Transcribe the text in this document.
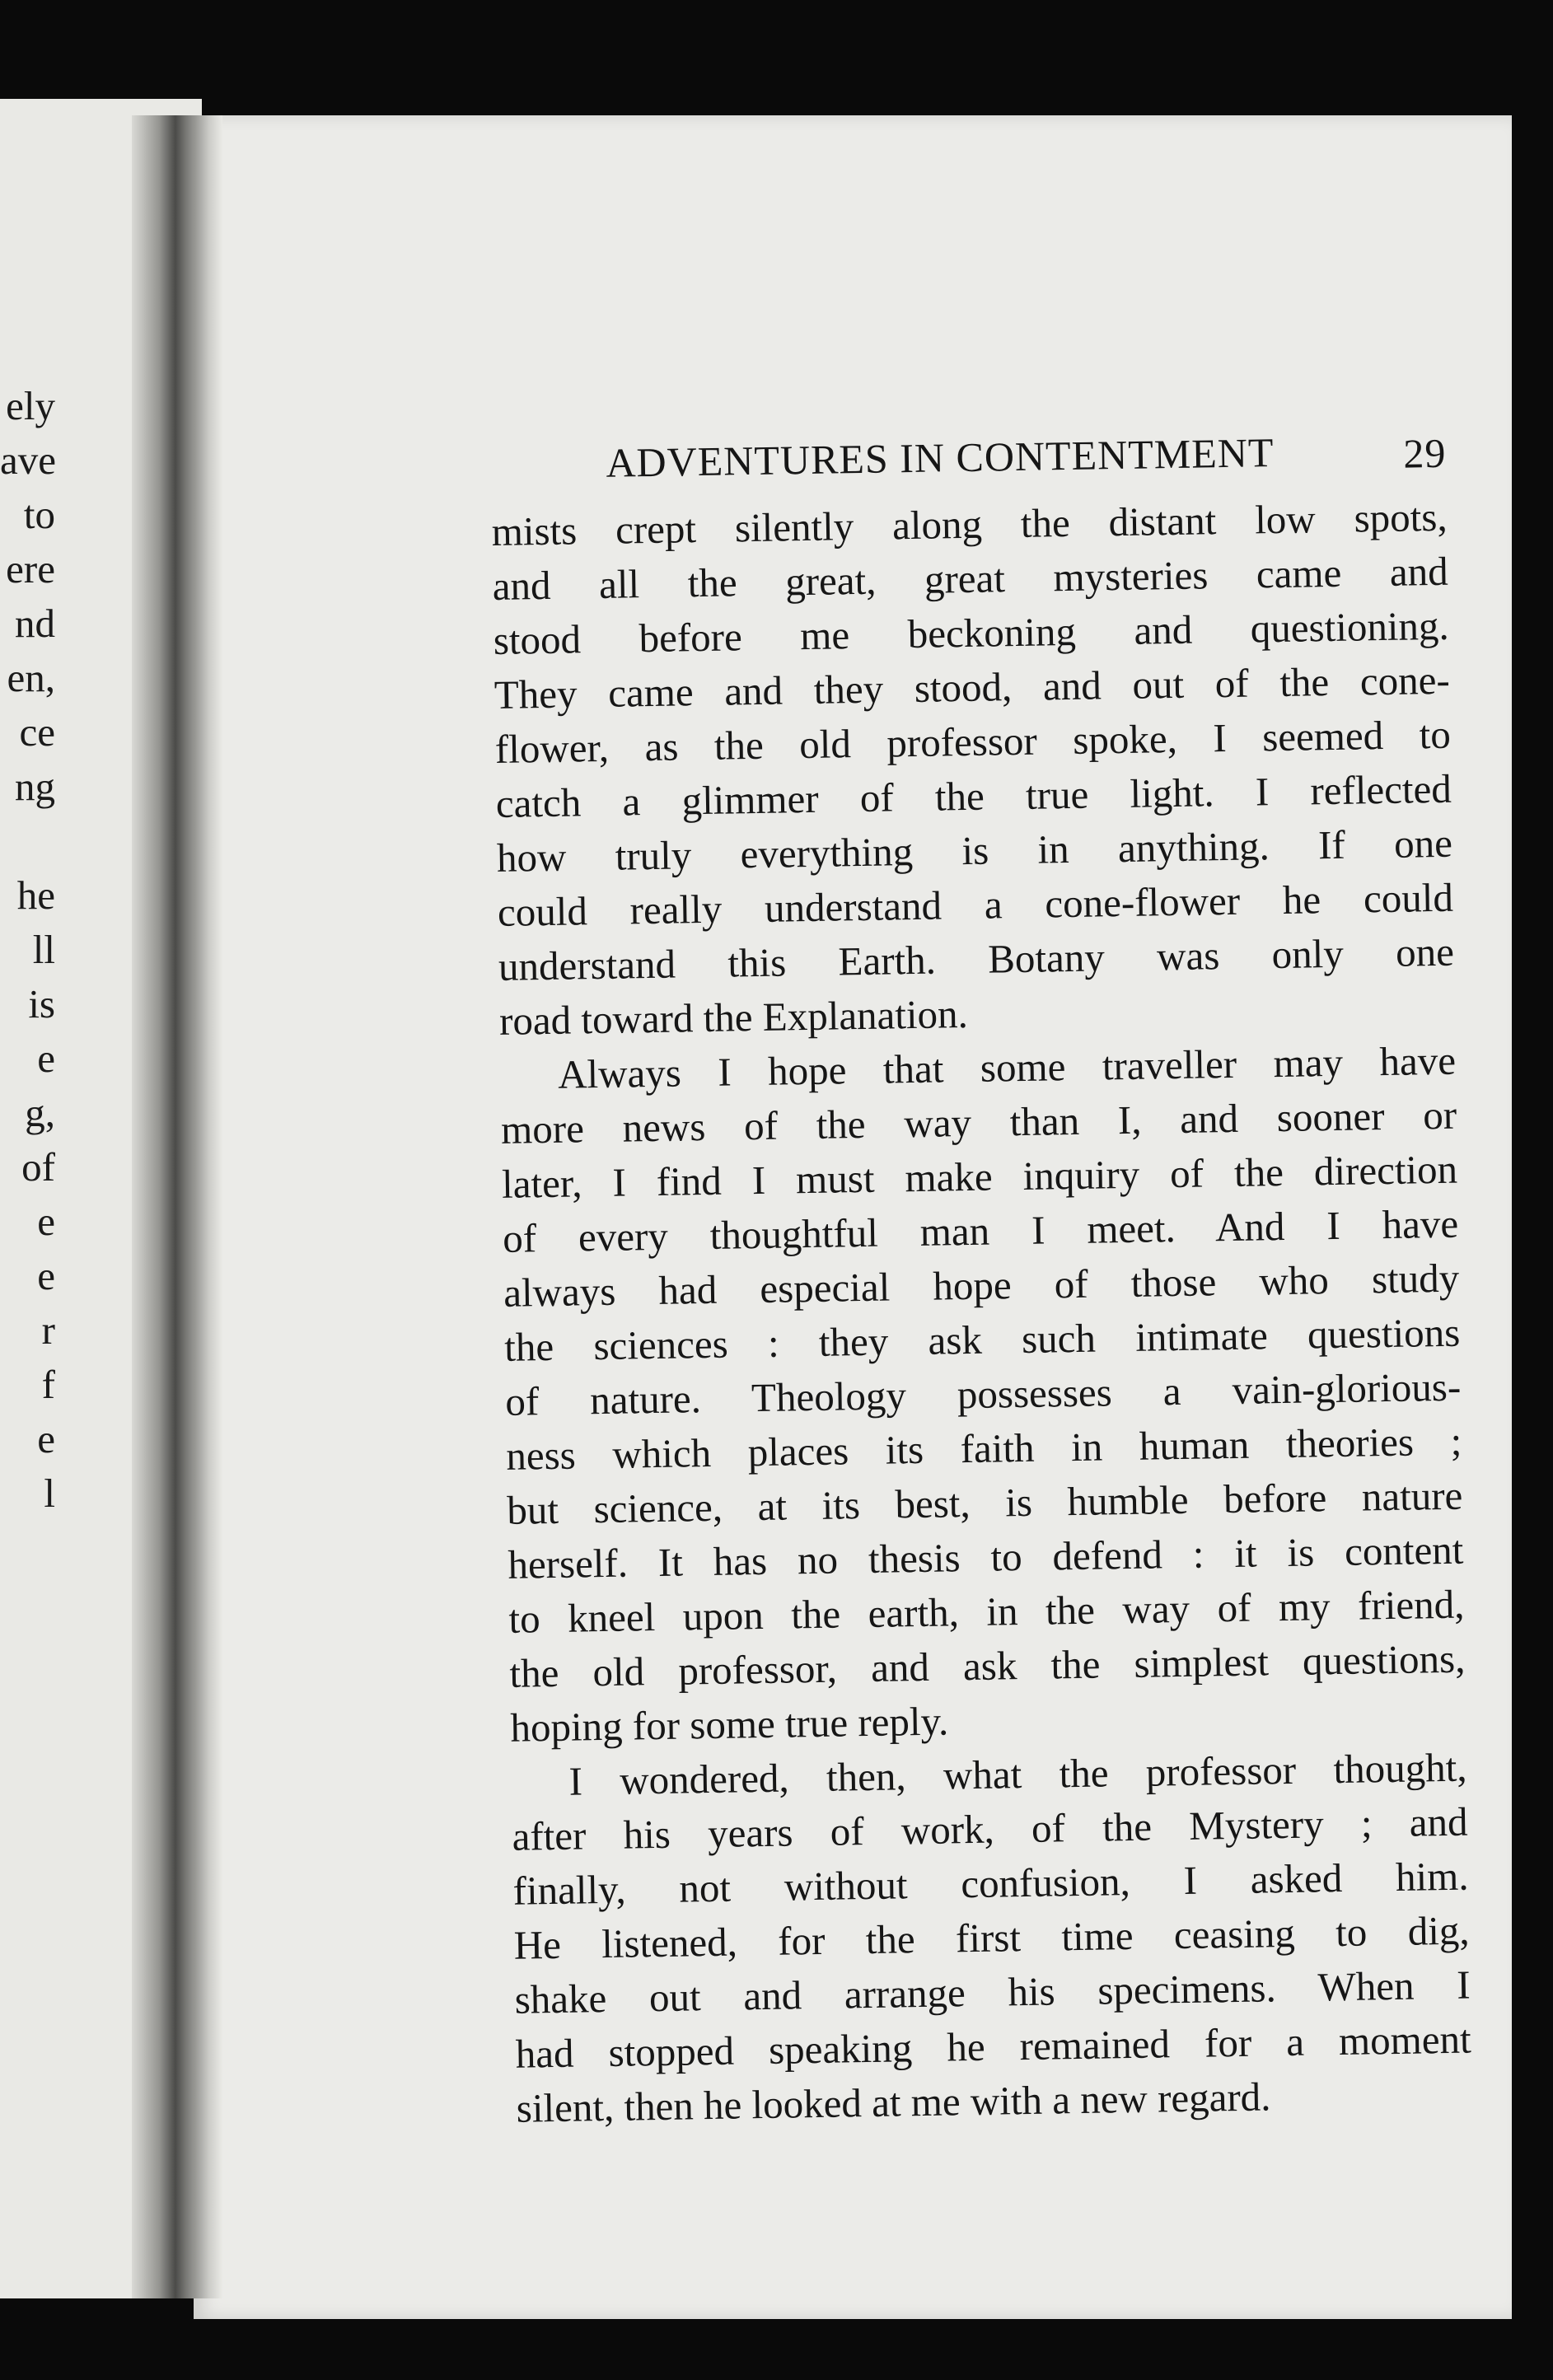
ely
ave
to
ere
nd
en,
ce
ng
he
ll
is
e
g,
of
e
e
r
f
e
l
ADVENTURES IN CONTENTMENT	29
mists crept silently along the distant low spots,
and all the great, great mysteries came and
stood before me beckoning and questioning.
They came and they stood, and out of the cone-
flower, as the old professor spoke, I seemed to
catch a glimmer of the true light. I reflected
how truly everything is in anything. If one
could really understand a cone-flower he could
understand this Earth. Botany was only one
road toward the Explanation.
Always I hope that some traveller may have
more news of the way than I, and sooner or
later, I find I must make inquiry of the direction
of every thoughtful man I meet. And I have
always had especial hope of those who study
the sciences : they ask such intimate questions
of nature. Theology possesses a vain-glorious-
ness which places its faith in human theories ;
but science, at its best, is humble before nature
herself. It has no thesis to defend : it is content
to kneel upon the earth, in the way of my friend,
the old professor, and ask the simplest questions,
hoping for some true reply.
I wondered, then, what the professor thought,
after his years of work, of the Mystery ; and
finally, not without confusion, I asked him.
He listened, for the first time ceasing to dig,
shake out and arrange his specimens. When I
had stopped speaking he remained for a moment
silent, then he looked at me with a new regard.
